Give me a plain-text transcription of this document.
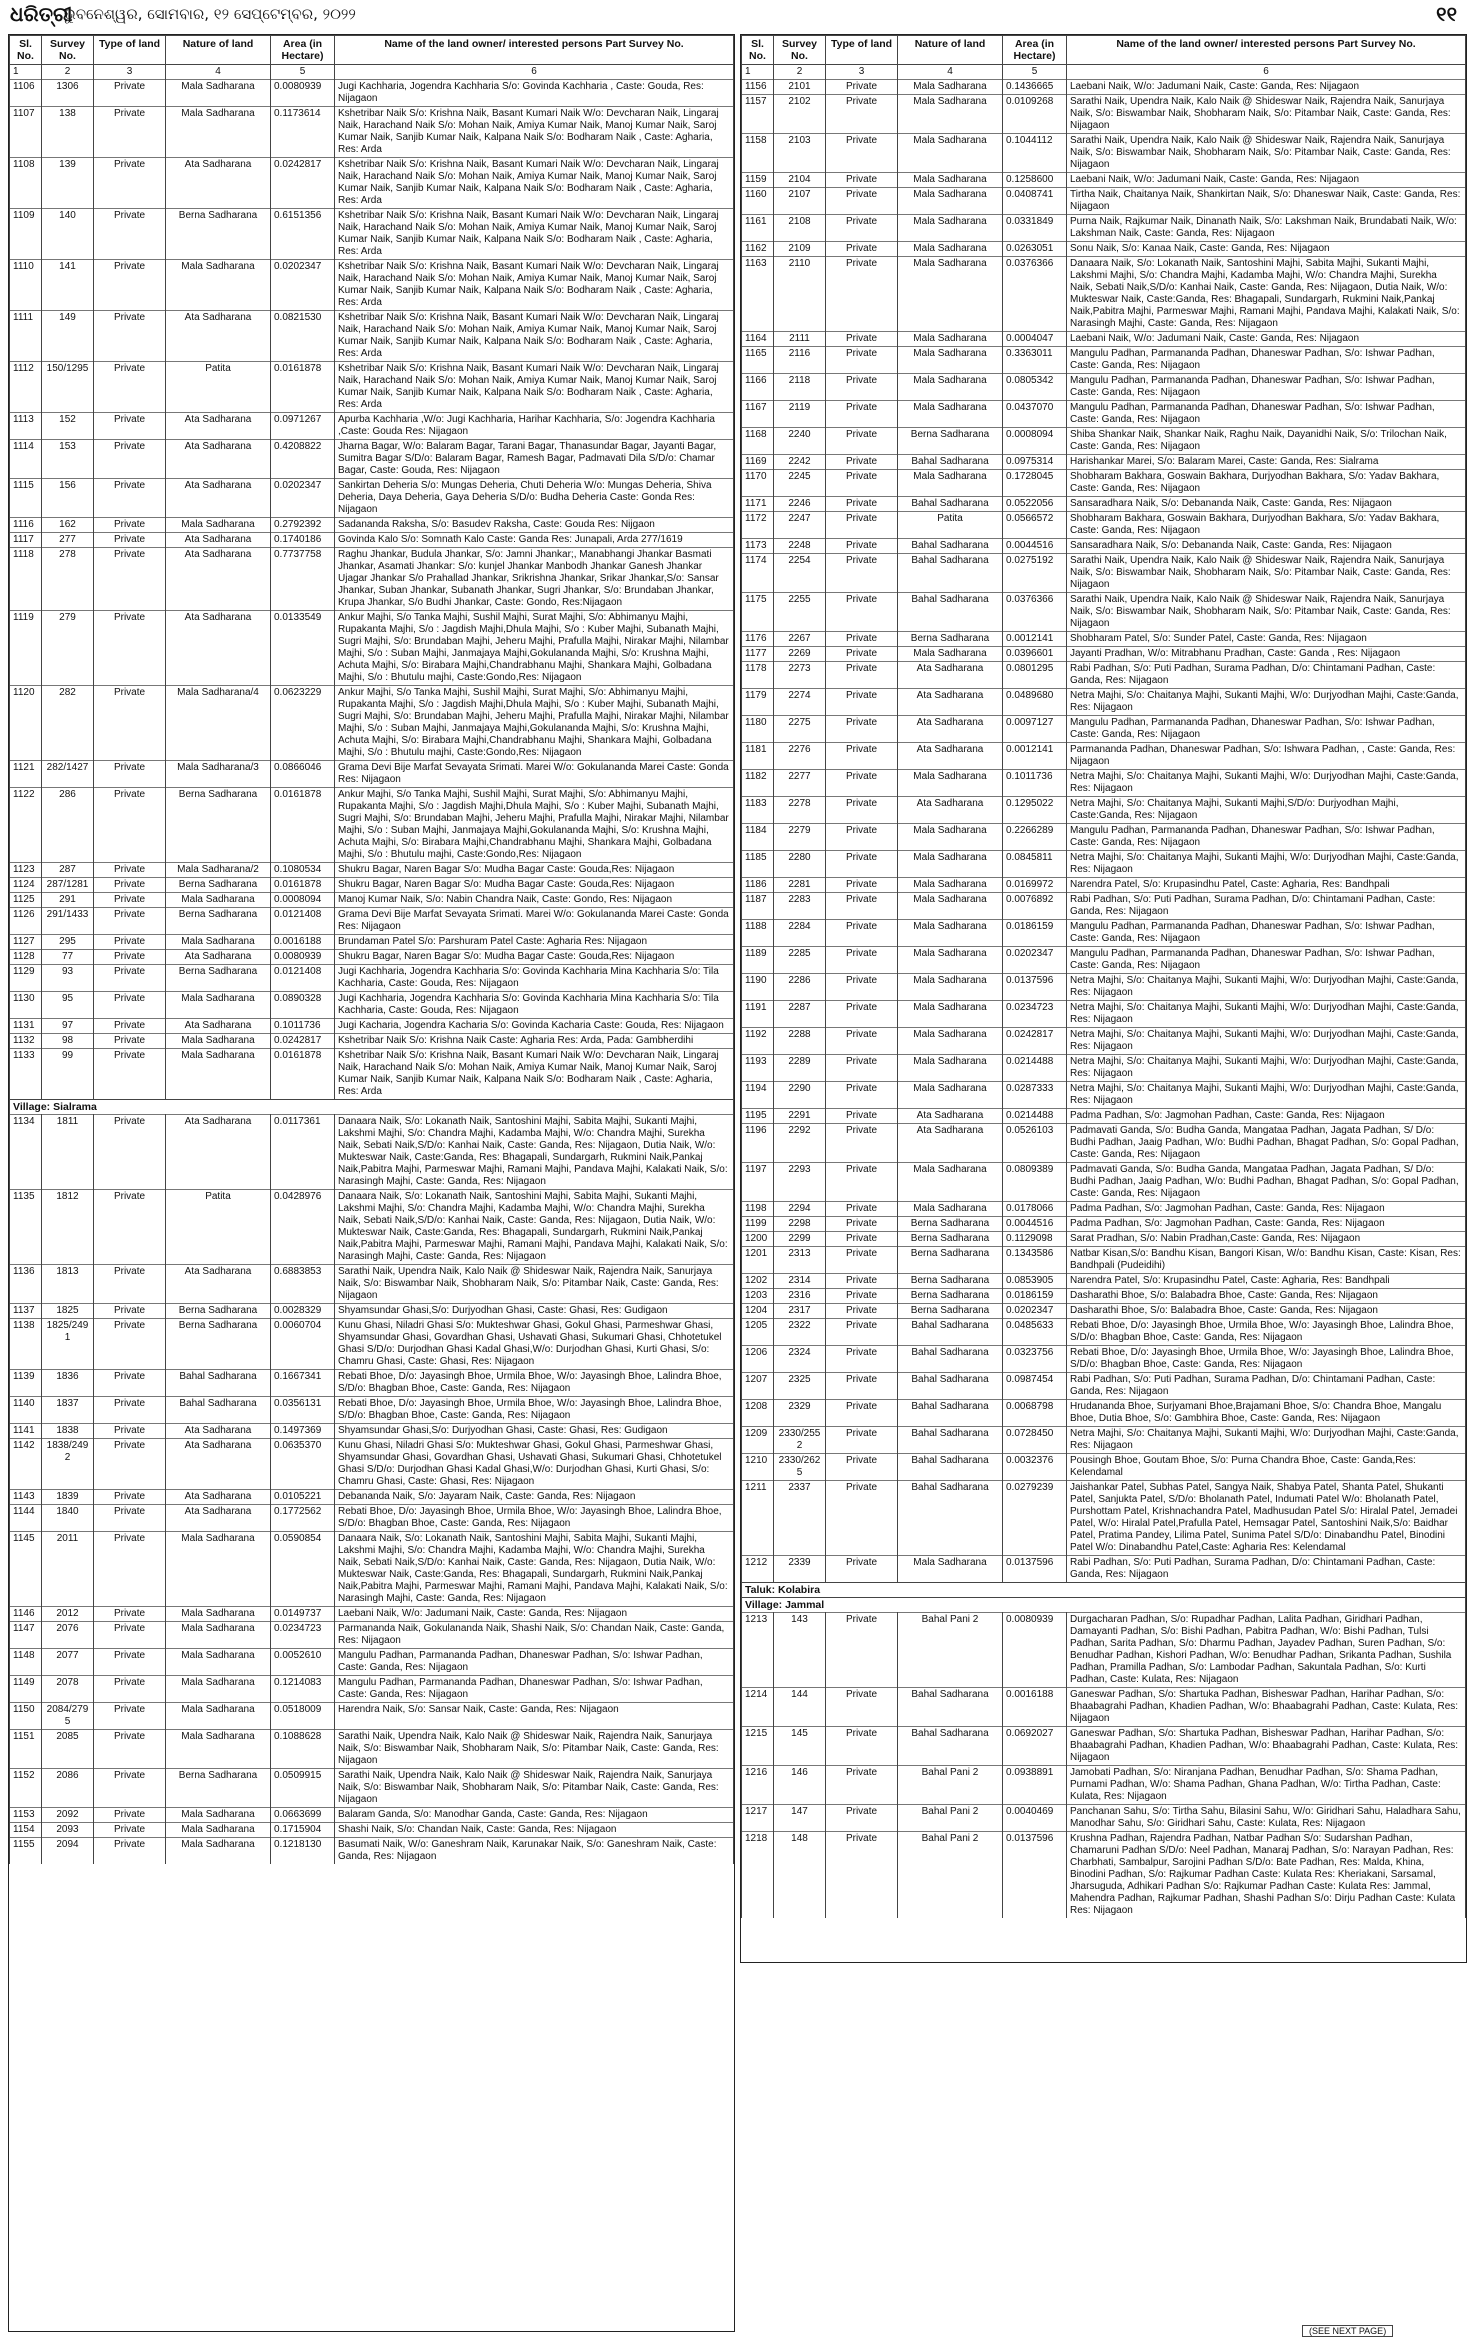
ଧରିତ୍ରୀ
ଭୁବନେଶ୍ୱର, ସୋମବାର, ୧୨ ସେପ୍ଟେମ୍ବର, ୨୦୨୨	୧୧
Sl. No.	Survey No.	Type of land	Nature of land	Area (in Hectare)	Name of the land owner/ interested persons Part Survey No.
1	2	3	4	5	6
1106	1306	Private	Mala Sadharana	0.0080939	Jugi Kachharia, Jogendra Kachharia S/o: Govinda Kachharia , Caste: Gouda, Res: Nijagaon
1107	138	Private	Mala Sadharana	0.1173614	Kshetribar Naik S/o: Krishna Naik, Basant Kumari Naik W/o: Devcharan Naik, Lingaraj Naik, Harachand Naik S/o: Mohan Naik, Amiya Kumar Naik, Manoj Kumar Naik, Saroj Kumar Naik, Sanjib Kumar Naik, Kalpana Naik S/o: Bodharam Naik , Caste: Agharia, Res: Arda
1108	139	Private	Ata Sadharana	0.0242817	Kshetribar Naik S/o: Krishna Naik, Basant Kumari Naik W/o: Devcharan Naik, Lingaraj Naik, Harachand Naik S/o: Mohan Naik, Amiya Kumar Naik, Manoj Kumar Naik, Saroj Kumar Naik, Sanjib Kumar Naik, Kalpana Naik S/o: Bodharam Naik , Caste: Agharia, Res: Arda
1109	140	Private	Berna Sadharana	0.6151356	Kshetribar Naik S/o: Krishna Naik, Basant Kumari Naik W/o: Devcharan Naik, Lingaraj Naik, Harachand Naik S/o: Mohan Naik, Amiya Kumar Naik, Manoj Kumar Naik, Saroj Kumar Naik, Sanjib Kumar Naik, Kalpana Naik S/o: Bodharam Naik , Caste: Agharia, Res: Arda
1110	141	Private	Mala Sadharana	0.0202347	Kshetribar Naik S/o: Krishna Naik, Basant Kumari Naik W/o: Devcharan Naik, Lingaraj Naik, Harachand Naik S/o: Mohan Naik, Amiya Kumar Naik, Manoj Kumar Naik, Saroj Kumar Naik, Sanjib Kumar Naik, Kalpana Naik S/o: Bodharam Naik , Caste: Agharia, Res: Arda
1111	149	Private	Ata Sadharana	0.0821530	Kshetribar Naik S/o: Krishna Naik, Basant Kumari Naik W/o: Devcharan Naik, Lingaraj Naik, Harachand Naik S/o: Mohan Naik, Amiya Kumar Naik, Manoj Kumar Naik, Saroj Kumar Naik, Sanjib Kumar Naik, Kalpana Naik S/o: Bodharam Naik , Caste: Agharia, Res: Arda
1112	150/1295	Private	Patita	0.0161878	Kshetribar Naik S/o: Krishna Naik, Basant Kumari Naik W/o: Devcharan Naik, Lingaraj Naik, Harachand Naik S/o: Mohan Naik, Amiya Kumar Naik, Manoj Kumar Naik, Saroj Kumar Naik, Sanjib Kumar Naik, Kalpana Naik S/o: Bodharam Naik , Caste: Agharia, Res: Arda
1113	152	Private	Ata Sadharana	0.0971267	Apurba Kachharia ,W/o: Jugi Kachharia, Harihar Kachharia, S/o: Jogendra Kachharia ,Caste: Gouda Res: Nijagaon
1114	153	Private	Ata Sadharana	0.4208822	Jharna Bagar, W/o: Balaram Bagar, Tarani Bagar, Thanasundar Bagar, Jayanti Bagar, Sumitra Bagar S/D/o: Balaram Bagar, Ramesh Bagar, Padmavati Dila S/D/o: Chamar Bagar, Caste: Gouda, Res: Nijagaon
1115	156	Private	Ata Sadharana	0.0202347	Sankirtan Deheria S/o: Mungas Deheria, Chuti Deheria W/o: Mungas Deheria, Shiva Deheria, Daya Deheria, Gaya Deheria S/D/o: Budha Deheria Caste: Gonda Res: Nijagaon
1116	162	Private	Mala Sadharana	0.2792392	Sadananda Raksha, S/o: Basudev Raksha, Caste: Gouda Res: Nijgaon
1117	277	Private	Ata Sadharana	0.1740186	Govinda Kalo S/o: Somnath Kalo Caste: Ganda Res: Junapali, Arda 277/1619
1118	278	Private	Ata Sadharana	0.7737758	Raghu Jhankar, Budula Jhankar, S/o: Jamni Jhankar;, Manabhangi Jhankar Basmati Jhankar, Asamati Jhankar: S/o: kunjel Jhankar Manbodh Jhankar Ganesh Jhankar Ujagar Jhankar S/o Prahallad Jhankar, Srikrishna Jhankar, Srikar Jhankar,S/o: Sansar Jhankar, Suban Jhankar, Subanath Jhankar, Sugri Jhankar, S/o: Brundaban Jhankar, Krupa Jhankar, S/o Budhi Jhankar, Caste: Gondo, Res:Nijagaon
1119	279	Private	Ata Sadharana	0.0133549	Ankur Majhi, S/o Tanka Majhi, Sushil Majhi, Surat Majhi, S/o: Abhimanyu Majhi, Rupakanta Majhi, S/o : Jagdish Majhi,Dhula Majhi, S/o : Kuber Majhi, Subanath Majhi, Sugri Majhi, S/o: Brundaban Majhi, Jeheru Majhi, Prafulla Majhi, Nirakar Majhi, Nilambar Majhi, S/o : Suban Majhi, Janmajaya Majhi,Gokulananda Majhi, S/o: Krushna Majhi, Achuta Majhi, S/o: Birabara Majhi,Chandrabhanu Majhi, Shankara Majhi, Golbadana Majhi, S/o : Bhutulu majhi, Caste:Gondo,Res: Nijagaon
1120	282	Private	Mala Sadharana/4	0.0623229	Ankur Majhi, S/o Tanka Majhi, Sushil Majhi, Surat Majhi, S/o: Abhimanyu Majhi, Rupakanta Majhi, S/o : Jagdish Majhi,Dhula Majhi, S/o : Kuber Majhi, Subanath Majhi, Sugri Majhi, S/o: Brundaban Majhi, Jeheru Majhi, Prafulla Majhi, Nirakar Majhi, Nilambar Majhi, S/o : Suban Majhi, Janmajaya Majhi,Gokulananda Majhi, S/o: Krushna Majhi, Achuta Majhi, S/o: Birabara Majhi,Chandrabhanu Majhi, Shankara Majhi, Golbadana Majhi, S/o : Bhutulu majhi, Caste:Gondo,Res: Nijagaon
1121	282/1427	Private	Mala Sadharana/3	0.0866046	Grama Devi Bije Marfat Sevayata Srimati. Marei W/o: Gokulananda Marei Caste: Gonda Res: Nijagaon
1122	286	Private	Berna Sadharana	0.0161878	Ankur Majhi, S/o Tanka Majhi, Sushil Majhi, Surat Majhi, S/o: Abhimanyu Majhi, Rupakanta Majhi, S/o : Jagdish Majhi,Dhula Majhi, S/o : Kuber Majhi, Subanath Majhi, Sugri Majhi, S/o: Brundaban Majhi, Jeheru Majhi, Prafulla Majhi, Nirakar Majhi, Nilambar Majhi, S/o : Suban Majhi, Janmajaya Majhi,Gokulananda Majhi, S/o: Krushna Majhi, Achuta Majhi, S/o: Birabara Majhi,Chandrabhanu Majhi, Shankara Majhi, Golbadana Majhi, S/o : Bhutulu majhi, Caste:Gondo,Res: Nijagaon
1123	287	Private	Mala Sadharana/2	0.1080534	Shukru Bagar, Naren Bagar S/o: Mudha Bagar Caste: Gouda,Res: Nijagaon
1124	287/1281	Private	Berna Sadharana	0.0161878	Shukru Bagar, Naren Bagar S/o: Mudha Bagar Caste: Gouda,Res: Nijagaon
1125	291	Private	Mala Sadharana	0.0008094	Manoj Kumar Naik, S/o: Nabin Chandra Naik, Caste: Gondo, Res: Nijagaon
1126	291/1433	Private	Berna Sadharana	0.0121408	Grama Devi Bije Marfat Sevayata Srimati. Marei W/o: Gokulananda Marei Caste: Gonda Res: Nijagaon
1127	295	Private	Mala Sadharana	0.0016188	Brundaman Patel S/o: Parshuram Patel Caste: Agharia Res: Nijagaon
1128	77	Private	Ata Sadharana	0.0080939	Shukru Bagar, Naren Bagar S/o: Mudha Bagar Caste: Gouda,Res: Nijagaon
1129	93	Private	Berna Sadharana	0.0121408	Jugi Kachharia, Jogendra Kachharia S/o: Govinda Kachharia Mina Kachharia S/o: Tila Kachharia, Caste: Gouda, Res: Nijagaon
1130	95	Private	Mala Sadharana	0.0890328	Jugi Kachharia, Jogendra Kachharia S/o: Govinda Kachharia Mina Kachharia S/o: Tila Kachharia, Caste: Gouda, Res: Nijagaon
1131	97	Private	Ata Sadharana	0.1011736	Jugi Kacharia, Jogendra Kacharia S/o: Govinda Kacharia Caste: Gouda, Res: Nijagaon
1132	98	Private	Mala Sadharana	0.0242817	Kshetribar Naik S/o: Krishna Naik Caste: Agharia Res: Arda, Pada: Gambherdihi
1133	99	Private	Mala Sadharana	0.0161878	Kshetribar Naik S/o: Krishna Naik, Basant Kumari Naik W/o: Devcharan Naik, Lingaraj Naik, Harachand Naik S/o: Mohan Naik, Amiya Kumar Naik, Manoj Kumar Naik, Saroj Kumar Naik, Sanjib Kumar Naik, Kalpana Naik S/o: Bodharam Naik , Caste: Agharia, Res: Arda
Village: Sialrama					
1134	1811	Private	Ata Sadharana	0.0117361	Danaara Naik, S/o: Lokanath Naik, Santoshini Majhi, Sabita Majhi, Sukanti Majhi, Lakshmi Majhi, S/o: Chandra Majhi, Kadamba Majhi, W/o: Chandra Majhi, Surekha Naik, Sebati Naik,S/D/o: Kanhai Naik, Caste: Ganda, Res: Nijagaon, Dutia Naik, W/o: Mukteswar Naik, Caste:Ganda, Res: Bhagapali, Sundargarh, Rukmini Naik,Pankaj Naik,Pabitra Majhi, Parmeswar Majhi, Ramani Majhi, Pandava Majhi, Kalakati Naik, S/o: Narasingh Majhi, Caste: Ganda, Res: Nijagaon
1135	1812	Private	Patita	0.0428976	Danaara Naik, S/o: Lokanath Naik, Santoshini Majhi, Sabita Majhi, Sukanti Majhi, Lakshmi Majhi, S/o: Chandra Majhi, Kadamba Majhi, W/o: Chandra Majhi, Surekha Naik, Sebati Naik,S/D/o: Kanhai Naik, Caste: Ganda, Res: Nijagaon, Dutia Naik, W/o: Mukteswar Naik, Caste:Ganda, Res: Bhagapali, Sundargarh, Rukmini Naik,Pankaj Naik,Pabitra Majhi, Parmeswar Majhi, Ramani Majhi, Pandava Majhi, Kalakati Naik, S/o: Narasingh Majhi, Caste: Ganda, Res: Nijagaon
1136	1813	Private	Ata Sadharana	0.6883853	Sarathi Naik, Upendra Naik, Kalo Naik @ Shideswar Naik, Rajendra Naik, Sanurjaya Naik, S/o: Biswambar Naik, Shobharam Naik, S/o: Pitambar Naik, Caste: Ganda, Res: Nijagaon
1137	1825	Private	Berna Sadharana	0.0028329	Shyamsundar Ghasi,S/o: Durjyodhan Ghasi, Caste: Ghasi, Res: Gudigaon
1138	1825/2491	Private	Berna Sadharana	0.0060704	Kunu Ghasi, Niladri Ghasi S/o: Mukteshwar Ghasi, Gokul Ghasi, Parmeshwar Ghasi, Shyamsundar Ghasi, Govardhan Ghasi, Ushavati Ghasi, Sukumari Ghasi, Chhotetukel Ghasi S/D/o: Durjodhan Ghasi Kadal Ghasi,W/o: Durjodhan Ghasi, Kurti Ghasi, S/o: Chamru Ghasi, Caste: Ghasi, Res: Nijagaon
1139	1836	Private	Bahal Sadharana	0.1667341	Rebati Bhoe, D/o: Jayasingh Bhoe, Urmila Bhoe, W/o: Jayasingh Bhoe, Lalindra Bhoe, S/D/o: Bhagban Bhoe, Caste: Ganda, Res: Nijagaon
1140	1837	Private	Bahal Sadharana	0.0356131	Rebati Bhoe, D/o: Jayasingh Bhoe, Urmila Bhoe, W/o: Jayasingh Bhoe, Lalindra Bhoe, S/D/o: Bhagban Bhoe, Caste: Ganda, Res: Nijagaon
1141	1838	Private	Ata Sadharana	0.1497369	Shyamsundar Ghasi,S/o: Durjyodhan Ghasi, Caste: Ghasi, Res: Gudigaon
1142	1838/2492	Private	Ata Sadharana	0.0635370	Kunu Ghasi, Niladri Ghasi S/o: Mukteshwar Ghasi, Gokul Ghasi, Parmeshwar Ghasi, Shyamsundar Ghasi, Govardhan Ghasi, Ushavati Ghasi, Sukumari Ghasi, Chhotetukel Ghasi S/D/o: Durjodhan Ghasi Kadal Ghasi,W/o: Durjodhan Ghasi, Kurti Ghasi, S/o: Chamru Ghasi, Caste: Ghasi, Res: Nijagaon
1143	1839	Private	Ata Sadharana	0.0105221	Debananda Naik, S/o: Jayaram Naik, Caste: Ganda, Res: Nijagaon
1144	1840	Private	Ata Sadharana	0.1772562	Rebati Bhoe, D/o: Jayasingh Bhoe, Urmila Bhoe, W/o: Jayasingh Bhoe, Lalindra Bhoe, S/D/o: Bhagban Bhoe, Caste: Ganda, Res: Nijagaon
1145	2011	Private	Mala Sadharana	0.0590854	Danaara Naik, S/o: Lokanath Naik, Santoshini Majhi, Sabita Majhi, Sukanti Majhi, Lakshmi Majhi, S/o: Chandra Majhi, Kadamba Majhi, W/o: Chandra Majhi, Surekha Naik, Sebati Naik,S/D/o: Kanhai Naik, Caste: Ganda, Res: Nijagaon, Dutia Naik, W/o: Mukteswar Naik, Caste:Ganda, Res: Bhagapali, Sundargarh, Rukmini Naik,Pankaj Naik,Pabitra Majhi, Parmeswar Majhi, Ramani Majhi, Pandava Majhi, Kalakati Naik, S/o: Narasingh Majhi, Caste: Ganda, Res: Nijagaon
1146	2012	Private	Mala Sadharana	0.0149737	Laebani Naik, W/o: Jadumani Naik, Caste: Ganda, Res: Nijagaon
1147	2076	Private	Mala Sadharana	0.0234723	Parmananda Naik, Gokulananda Naik, Shashi Naik, S/o: Chandan Naik, Caste: Ganda, Res: Nijagaon
1148	2077	Private	Mala Sadharana	0.0052610	Mangulu Padhan, Parmananda Padhan, Dhaneswar Padhan, S/o: Ishwar Padhan, Caste: Ganda, Res: Nijagaon
1149	2078	Private	Mala Sadharana	0.1214083	Mangulu Padhan, Parmananda Padhan, Dhaneswar Padhan, S/o: Ishwar Padhan, Caste: Ganda, Res: Nijagaon
1150	2084/2795	Private	Mala Sadharana	0.0518009	Harendra Naik, S/o: Sansar Naik, Caste: Ganda, Res: Nijagaon
1151	2085	Private	Mala Sadharana	0.1088628	Sarathi Naik, Upendra Naik, Kalo Naik @ Shideswar Naik, Rajendra Naik, Sanurjaya Naik, S/o: Biswambar Naik, Shobharam Naik, S/o: Pitambar Naik, Caste: Ganda, Res: Nijagaon
1152	2086	Private	Berna Sadharana	0.0509915	Sarathi Naik, Upendra Naik, Kalo Naik @ Shideswar Naik, Rajendra Naik, Sanurjaya Naik, S/o: Biswambar Naik, Shobharam Naik, S/o: Pitambar Naik, Caste: Ganda, Res: Nijagaon
1153	2092	Private	Mala Sadharana	0.0663699	Balaram Ganda, S/o: Manodhar Ganda, Caste: Ganda, Res: Nijagaon
1154	2093	Private	Mala Sadharana	0.1715904	Shashi Naik, S/o: Chandan Naik, Caste: Ganda, Res: Nijagaon
1155	2094	Private	Mala Sadharana	0.1218130	Basumati Naik, W/o: Ganeshram Naik, Karunakar Naik, S/o: Ganeshram Naik, Caste: Ganda, Res: Nijagaon
Sl. No.	Survey No.	Type of land	Nature of land	Area (in Hectare)	Name of the land owner/ interested persons Part Survey No.
1	2	3	4	5	6
1156	2101	Private	Mala Sadharana	0.1436665	Laebani Naik, W/o: Jadumani Naik, Caste: Ganda, Res: Nijagaon
1157	2102	Private	Mala Sadharana	0.0109268	Sarathi Naik, Upendra Naik, Kalo Naik @ Shideswar Naik, Rajendra Naik, Sanurjaya Naik, S/o: Biswambar Naik, Shobharam Naik, S/o: Pitambar Naik, Caste: Ganda, Res: Nijagaon
1158	2103	Private	Mala Sadharana	0.1044112	Sarathi Naik, Upendra Naik, Kalo Naik @ Shideswar Naik, Rajendra Naik, Sanurjaya Naik, S/o: Biswambar Naik, Shobharam Naik, S/o: Pitambar Naik, Caste: Ganda, Res: Nijagaon
1159	2104	Private	Mala Sadharana	0.1258600	Laebani Naik, W/o: Jadumani Naik, Caste: Ganda, Res: Nijagaon
1160	2107	Private	Mala Sadharana	0.0408741	Tirtha Naik, Chaitanya Naik, Shankirtan Naik, S/o: Dhaneswar Naik, Caste: Ganda, Res: Nijagaon
1161	2108	Private	Mala Sadharana	0.0331849	Purna Naik, Rajkumar Naik, Dinanath Naik, S/o: Lakshman Naik, Brundabati Naik, W/o: Lakshman Naik, Caste: Ganda, Res: Nijagaon
1162	2109	Private	Mala Sadharana	0.0263051	Sonu Naik, S/o: Kanaa Naik, Caste: Ganda, Res: Nijagaon
1163	2110	Private	Mala Sadharana	0.0376366	Danaara Naik, S/o: Lokanath Naik, Santoshini Majhi, Sabita Majhi, Sukanti Majhi, Lakshmi Majhi, S/o: Chandra Majhi, Kadamba Majhi, W/o: Chandra Majhi, Surekha Naik, Sebati Naik,S/D/o: Kanhai Naik, Caste: Ganda, Res: Nijagaon, Dutia Naik, W/o: Mukteswar Naik, Caste:Ganda, Res: Bhagapali, Sundargarh, Rukmini Naik,Pankaj Naik,Pabitra Majhi, Parmeswar Majhi, Ramani Majhi, Pandava Majhi, Kalakati Naik, S/o: Narasingh Majhi, Caste: Ganda, Res: Nijagaon
1164	2111	Private	Mala Sadharana	0.0004047	Laebani Naik, W/o: Jadumani Naik, Caste: Ganda, Res: Nijagaon
1165	2116	Private	Mala Sadharana	0.3363011	Mangulu Padhan, Parmananda Padhan, Dhaneswar Padhan, S/o: Ishwar Padhan, Caste: Ganda, Res: Nijagaon
1166	2118	Private	Mala Sadharana	0.0805342	Mangulu Padhan, Parmananda Padhan, Dhaneswar Padhan, S/o: Ishwar Padhan, Caste: Ganda, Res: Nijagaon
1167	2119	Private	Mala Sadharana	0.0437070	Mangulu Padhan, Parmananda Padhan, Dhaneswar Padhan, S/o: Ishwar Padhan, Caste: Ganda, Res: Nijagaon
1168	2240	Private	Berna Sadharana	0.0008094	Shiba Shankar Naik, Shankar Naik, Raghu Naik, Dayanidhi Naik, S/o: Trilochan Naik, Caste: Ganda, Res: Nijagaon
1169	2242	Private	Bahal Sadharana	0.0975314	Harishankar Marei, S/o: Balaram Marei, Caste: Ganda, Res: Sialrama
1170	2245	Private	Mala Sadharana	0.1728045	Shobharam Bakhara, Goswain Bakhara, Durjyodhan Bakhara, S/o: Yadav Bakhara, Caste: Ganda, Res: Nijagaon
1171	2246	Private	Bahal Sadharana	0.0522056	Sansaradhara Naik, S/o: Debananda Naik, Caste: Ganda, Res: Nijagaon
1172	2247	Private	Patita	0.0566572	Shobharam Bakhara, Goswain Bakhara, Durjyodhan Bakhara, S/o: Yadav Bakhara, Caste: Ganda, Res: Nijagaon
1173	2248	Private	Bahal Sadharana	0.0044516	Sansaradhara Naik, S/o: Debananda Naik, Caste: Ganda, Res: Nijagaon
1174	2254	Private	Bahal Sadharana	0.0275192	Sarathi Naik, Upendra Naik, Kalo Naik @ Shideswar Naik, Rajendra Naik, Sanurjaya Naik, S/o: Biswambar Naik, Shobharam Naik, S/o: Pitambar Naik, Caste: Ganda, Res: Nijagaon
1175	2255	Private	Bahal Sadharana	0.0376366	Sarathi Naik, Upendra Naik, Kalo Naik @ Shideswar Naik, Rajendra Naik, Sanurjaya Naik, S/o: Biswambar Naik, Shobharam Naik, S/o: Pitambar Naik, Caste: Ganda, Res: Nijagaon
1176	2267	Private	Berna Sadharana	0.0012141	Shobharam Patel, S/o: Sunder Patel, Caste: Ganda, Res: Nijagaon
1177	2269	Private	Mala Sadharana	0.0396601	Jayanti Pradhan, W/o: Mitrabhanu Pradhan, Caste: Ganda , Res: Nijagaon
1178	2273	Private	Ata Sadharana	0.0801295	Rabi Padhan, S/o: Puti Padhan, Surama Padhan, D/o: Chintamani Padhan, Caste: Ganda, Res: Nijagaon
1179	2274	Private	Ata Sadharana	0.0489680	Netra Majhi, S/o: Chaitanya Majhi, Sukanti Majhi, W/o: Durjyodhan Majhi, Caste:Ganda, Res: Nijagaon
1180	2275	Private	Ata Sadharana	0.0097127	Mangulu Padhan, Parmananda Padhan, Dhaneswar Padhan, S/o: Ishwar Padhan, Caste: Ganda, Res: Nijagaon
1181	2276	Private	Ata Sadharana	0.0012141	Parmananda Padhan, Dhaneswar Padhan, S/o: Ishwara Padhan, , Caste: Ganda, Res: Nijagaon
1182	2277	Private	Mala Sadharana	0.1011736	Netra Majhi, S/o: Chaitanya Majhi, Sukanti Majhi, W/o: Durjyodhan Majhi, Caste:Ganda, Res: Nijagaon
1183	2278	Private	Ata Sadharana	0.1295022	Netra Majhi, S/o: Chaitanya Majhi, Sukanti Majhi,S/D/o: Durjyodhan Majhi, Caste:Ganda, Res: Nijagaon
1184	2279	Private	Mala Sadharana	0.2266289	Mangulu Padhan, Parmananda Padhan, Dhaneswar Padhan, S/o: Ishwar Padhan, Caste: Ganda, Res: Nijagaon
1185	2280	Private	Mala Sadharana	0.0845811	Netra Majhi, S/o: Chaitanya Majhi, Sukanti Majhi, W/o: Durjyodhan Majhi, Caste:Ganda, Res: Nijagaon
1186	2281	Private	Mala Sadharana	0.0169972	Narendra Patel, S/o: Krupasindhu Patel, Caste: Agharia, Res: Bandhpali
1187	2283	Private	Mala Sadharana	0.0076892	Rabi Padhan, S/o: Puti Padhan, Surama Padhan, D/o: Chintamani Padhan, Caste: Ganda, Res: Nijagaon
1188	2284	Private	Mala Sadharana	0.0186159	Mangulu Padhan, Parmananda Padhan, Dhaneswar Padhan, S/o: Ishwar Padhan, Caste: Ganda, Res: Nijagaon
1189	2285	Private	Mala Sadharana	0.0202347	Mangulu Padhan, Parmananda Padhan, Dhaneswar Padhan, S/o: Ishwar Padhan, Caste: Ganda, Res: Nijagaon
1190	2286	Private	Mala Sadharana	0.0137596	Netra Majhi, S/o: Chaitanya Majhi, Sukanti Majhi, W/o: Durjyodhan Majhi, Caste:Ganda, Res: Nijagaon
1191	2287	Private	Mala Sadharana	0.0234723	Netra Majhi, S/o: Chaitanya Majhi, Sukanti Majhi, W/o: Durjyodhan Majhi, Caste:Ganda, Res: Nijagaon
1192	2288	Private	Mala Sadharana	0.0242817	Netra Majhi, S/o: Chaitanya Majhi, Sukanti Majhi, W/o: Durjyodhan Majhi, Caste:Ganda, Res: Nijagaon
1193	2289	Private	Mala Sadharana	0.0214488	Netra Majhi, S/o: Chaitanya Majhi, Sukanti Majhi, W/o: Durjyodhan Majhi, Caste:Ganda, Res: Nijagaon
1194	2290	Private	Mala Sadharana	0.0287333	Netra Majhi, S/o: Chaitanya Majhi, Sukanti Majhi, W/o: Durjyodhan Majhi, Caste:Ganda, Res: Nijagaon
1195	2291	Private	Ata Sadharana	0.0214488	Padma Padhan, S/o: Jagmohan Padhan, Caste: Ganda, Res: Nijagaon
1196	2292	Private	Ata Sadharana	0.0526103	Padmavati Ganda, S/o: Budha Ganda, Mangataa Padhan, Jagata Padhan, S/ D/o: Budhi Padhan, Jaaig Padhan, W/o: Budhi Padhan, Bhagat Padhan, S/o: Gopal Padhan, Caste: Ganda, Res: Nijagaon
1197	2293	Private	Mala Sadharana	0.0809389	Padmavati Ganda, S/o: Budha Ganda, Mangataa Padhan, Jagata Padhan, S/ D/o: Budhi Padhan, Jaaig Padhan, W/o: Budhi Padhan, Bhagat Padhan, S/o: Gopal Padhan, Caste: Ganda, Res: Nijagaon
1198	2294	Private	Mala Sadharana	0.0178066	Padma Padhan, S/o: Jagmohan Padhan, Caste: Ganda, Res: Nijagaon
1199	2298	Private	Berna Sadharana	0.0044516	Padma Padhan, S/o: Jagmohan Padhan, Caste: Ganda, Res: Nijagaon
1200	2299	Private	Berna Sadharana	0.1129098	Sarat Pradhan, S/o: Nabin Pradhan,Caste: Ganda, Res: Nijagaon
1201	2313	Private	Berna Sadharana	0.1343586	Natbar Kisan,S/o: Bandhu Kisan, Bangori Kisan, W/o: Bandhu Kisan, Caste: Kisan, Res: Bandhpali (Pudeidihi)
1202	2314	Private	Berna Sadharana	0.0853905	Narendra Patel, S/o: Krupasindhu Patel, Caste: Agharia, Res: Bandhpali
1203	2316	Private	Berna Sadharana	0.0186159	Dasharathi Bhoe, S/o: Balabadra Bhoe, Caste: Ganda, Res: Nijagaon
1204	2317	Private	Berna Sadharana	0.0202347	Dasharathi Bhoe, S/o: Balabadra Bhoe, Caste: Ganda, Res: Nijagaon
1205	2322	Private	Bahal Sadharana	0.0485633	Rebati Bhoe, D/o: Jayasingh Bhoe, Urmila Bhoe, W/o: Jayasingh Bhoe, Lalindra Bhoe, S/D/o: Bhagban Bhoe, Caste: Ganda, Res: Nijagaon
1206	2324	Private	Bahal Sadharana	0.0323756	Rebati Bhoe, D/o: Jayasingh Bhoe, Urmila Bhoe, W/o: Jayasingh Bhoe, Lalindra Bhoe, S/D/o: Bhagban Bhoe, Caste: Ganda, Res: Nijagaon
1207	2325	Private	Bahal Sadharana	0.0987454	Rabi Padhan, S/o: Puti Padhan, Surama Padhan, D/o: Chintamani Padhan, Caste: Ganda, Res: Nijagaon
1208	2329	Private	Bahal Sadharana	0.0068798	Hrudananda Bhoe, Surjyamani Bhoe,Brajamani Bhoe, S/o: Chandra Bhoe, Mangalu Bhoe, Dutia Bhoe, S/o: Gambhira Bhoe, Caste: Ganda, Res: Nijagaon
1209	2330/2552	Private	Bahal Sadharana	0.0728450	Netra Majhi, S/o: Chaitanya Majhi, Sukanti Majhi, W/o: Durjyodhan Majhi, Caste:Ganda, Res: Nijagaon
1210	2330/2625	Private	Bahal Sadharana	0.0032376	Pousingh Bhoe, Goutam Bhoe, S/o: Purna Chandra Bhoe, Caste: Ganda,Res: Kelendamal
1211	2337	Private	Bahal Sadharana	0.0279239	Jaishankar Patel, Subhas Patel, Sangya Naik, Shabya Patel, Shanta Patel, Shukanti Patel, Sanjukta Patel, S/D/o: Bholanath Patel, Indumati Patel W/o: Bholanath Patel, Purshottam Patel, Krishnachandra Patel, Madhusudan Patel S/o: Hiralal Patel, Jemadei Patel, W/o: Hiralal Patel,Prafulla Patel, Hemsagar Patel, Santoshini Naik,S/o: Baidhar Patel, Pratima Pandey, Lilima Patel, Sunima Patel S/D/o: Dinabandhu Patel, Binodini Patel W/o: Dinabandhu Patel,Caste: Agharia Res: Kelendamal
1212	2339	Private	Mala Sadharana	0.0137596	Rabi Padhan, S/o: Puti Padhan, Surama Padhan, D/o: Chintamani Padhan, Caste: Ganda, Res: Nijagaon
Taluk: Kolabira					
Village: Jammal					
1213	143	Private	Bahal Pani 2	0.0080939	Durgacharan Padhan, S/o: Rupadhar Padhan, Lalita Padhan, Giridhari Padhan, Damayanti Padhan, S/o: Bishi Padhan, Pabitra Padhan, W/o: Bishi Padhan, Tulsi Padhan, Sarita Padhan, S/o: Dharmu Padhan, Jayadev Padhan, Suren Padhan, S/o: Benudhar Padhan, Kishori Padhan, W/o: Benudhar Padhan, Srikanta Padhan, Sushila Padhan, Pramilla Padhan, S/o: Lambodar Padhan, Sakuntala Padhan, S/o: Kurti Padhan, Caste: Kulata, Res: Nijagaon
1214	144	Private	Bahal Sadharana	0.0016188	Ganeswar Padhan, S/o: Shartuka Padhan, Bisheswar Padhan, Harihar Padhan, S/o: Bhaabagrahi Padhan, Khadien Padhan, W/o: Bhaabagrahi Padhan, Caste: Kulata, Res: Nijagaon
1215	145	Private	Bahal Sadharana	0.0692027	Ganeswar Padhan, S/o: Shartuka Padhan, Bisheswar Padhan, Harihar Padhan, S/o: Bhaabagrahi Padhan, Khadien Padhan, W/o: Bhaabagrahi Padhan, Caste: Kulata, Res: Nijagaon
1216	146	Private	Bahal Pani 2	0.0938891	Jamobati Padhan, S/o: Niranjana Padhan, Benudhar Padhan, S/o: Shama Padhan, Purnami Padhan, W/o: Shama Padhan, Ghana Padhan, W/o: Tirtha Padhan, Caste: Kulata, Res: Nijagaon
1217	147	Private	Bahal Pani 2	0.0040469	Panchanan Sahu, S/o: Tirtha Sahu, Bilasini Sahu, W/o: Giridhari Sahu, Haladhara Sahu, Manodhar Sahu, S/o: Giridhari Sahu, Caste: Kulata, Res: Nijagaon
1218	148	Private	Bahal Pani 2	0.0137596	Krushna Padhan, Rajendra Padhan, Natbar Padhan S/o: Sudarshan Padhan, Chamaruni Padhan S/D/o: Neel Padhan, Manaraj Padhan, S/o: Narayan Padhan, Res: Charbhati, Sambalpur, Sarojini Padhan S/D/o: Bate Padhan, Res: Malda, Khina, Binodini Padhan, S/o: Rajkumar Padhan Caste: Kulata Res: Kheriakani, Sarsamal, Jharsuguda, Adhikari Padhan S/o: Rajkumar Padhan Caste: Kulata Res: Jammal, Mahendra Padhan, Rajkumar Padhan, Shashi Padhan S/o: Dirju Padhan Caste: Kulata Res: Nijagaon
(SEE NEXT PAGE)
